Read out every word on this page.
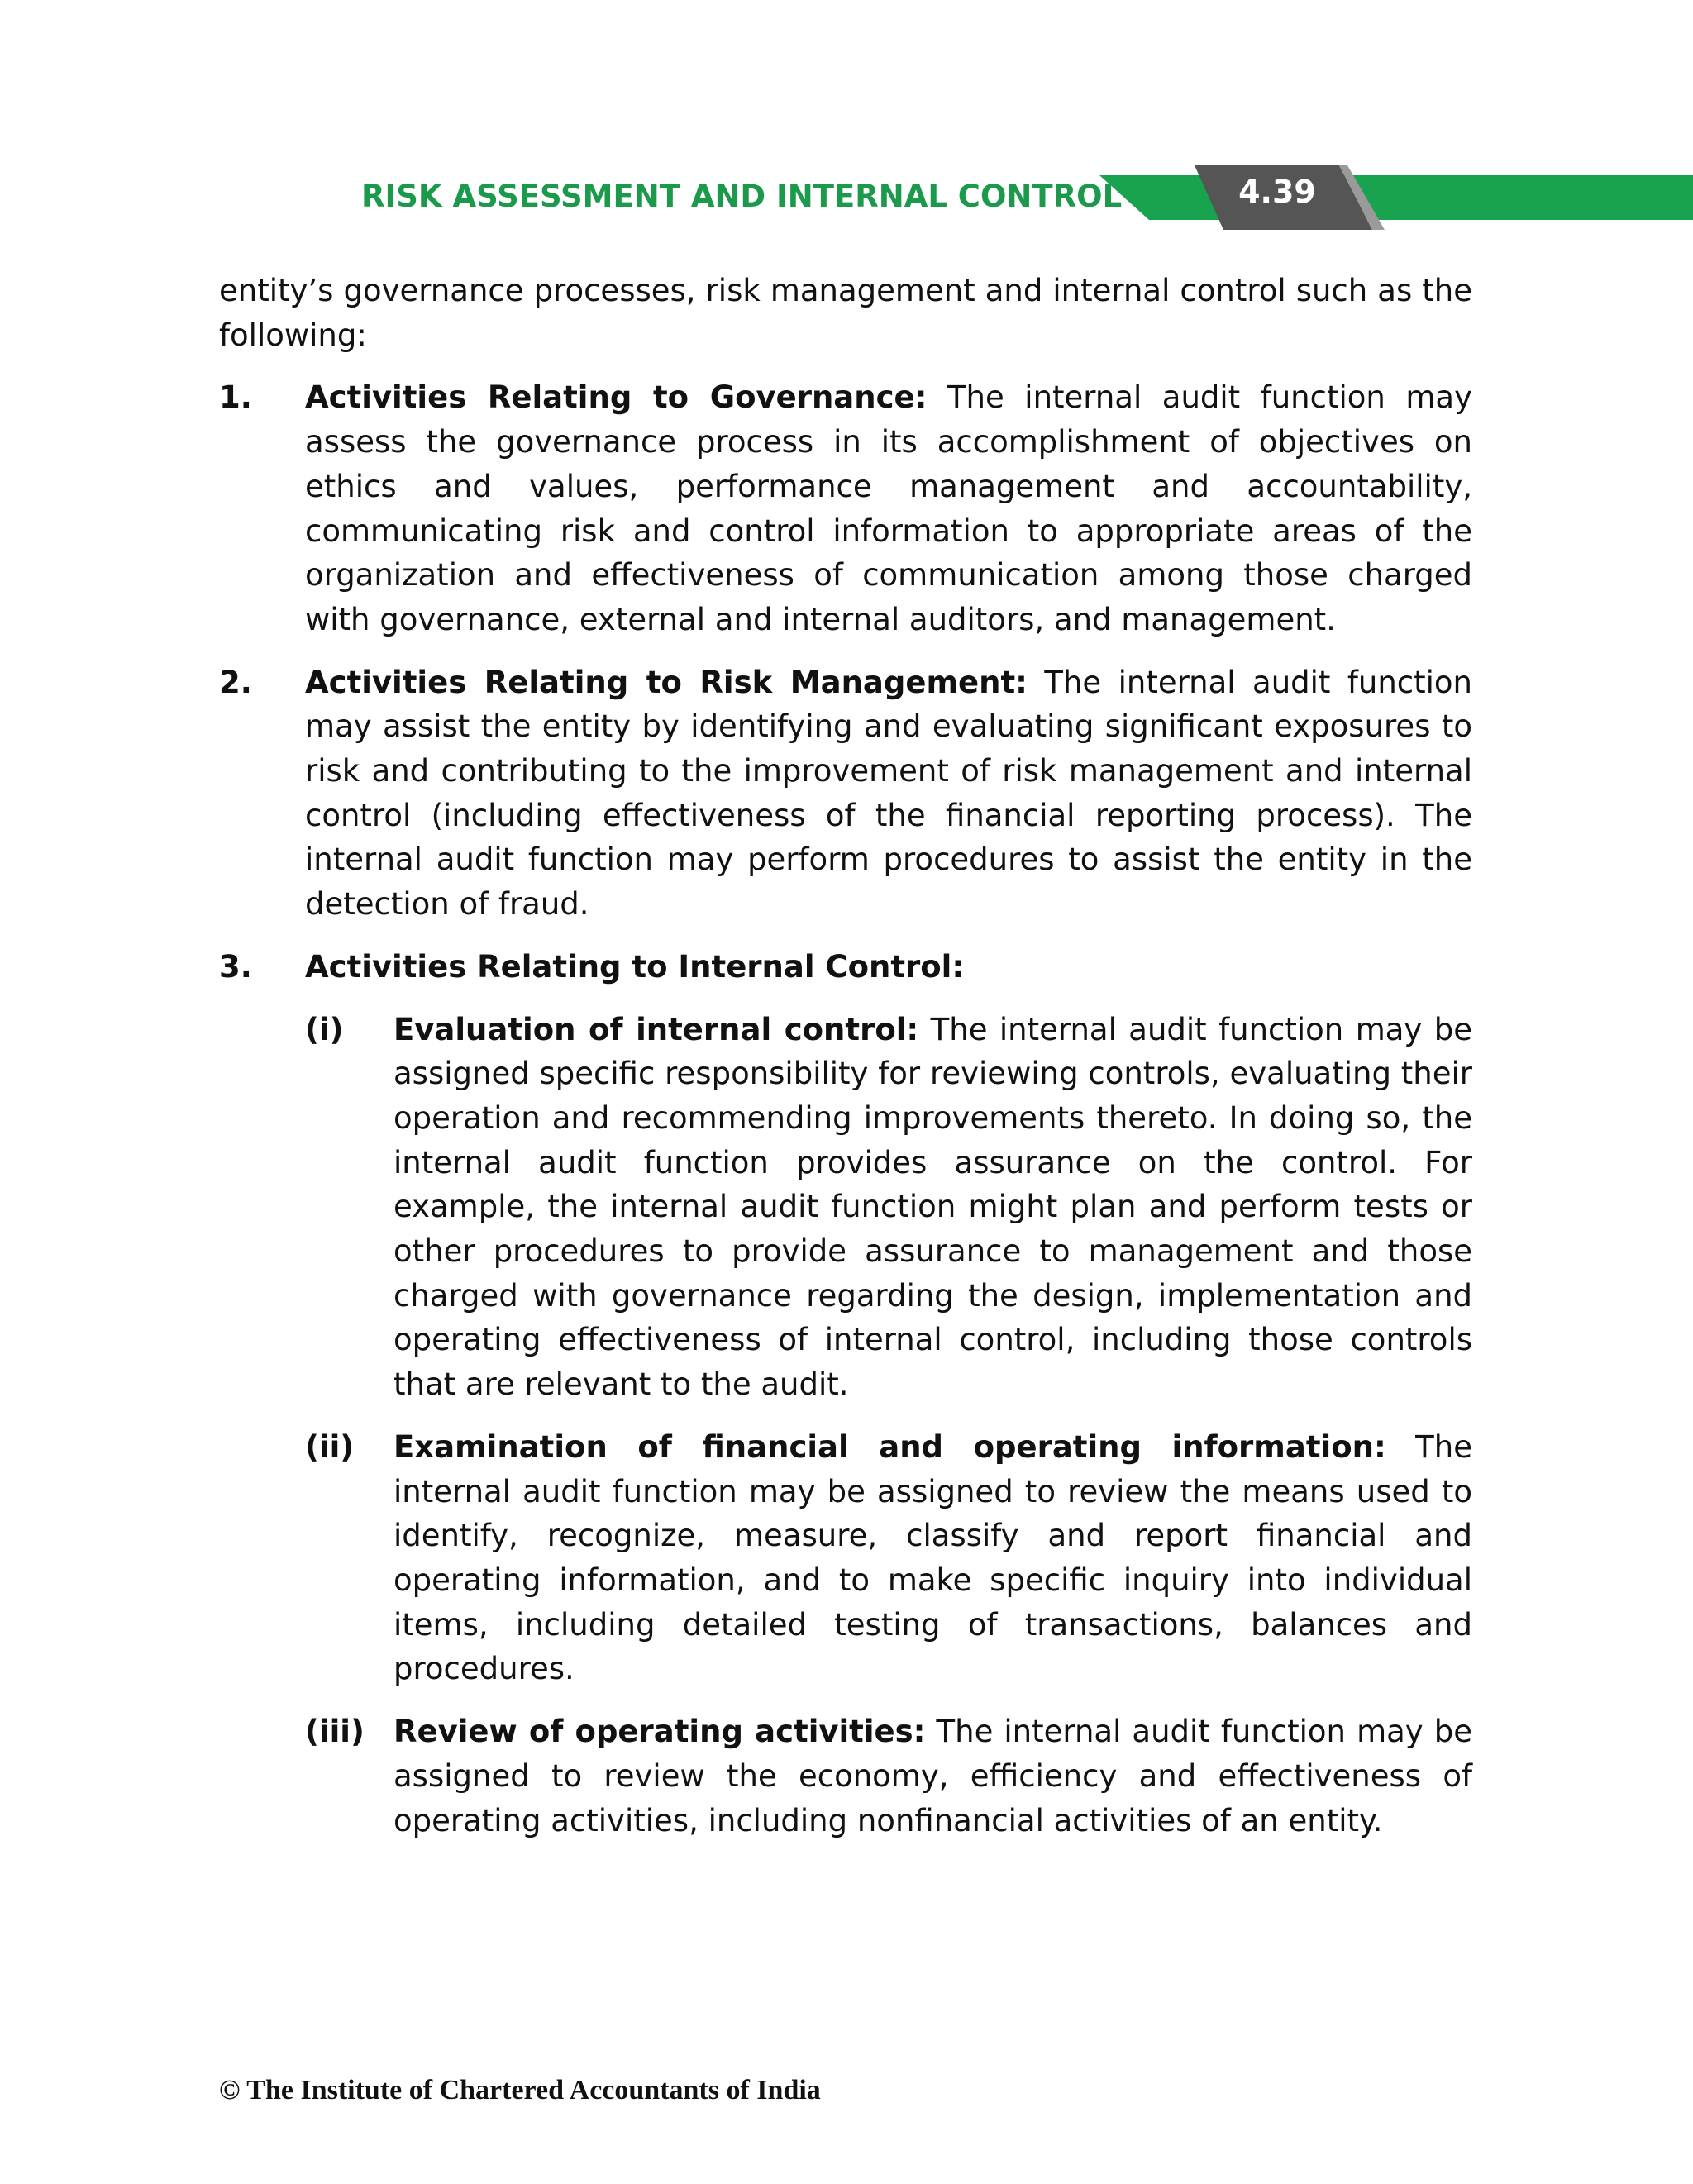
RISK ASSESSMENT AND INTERNAL CONTROL	4.39

entity’s governance processes, risk management and internal control such as the following:

1. Activities Relating to Governance: The internal audit function may assess the governance process in its accomplishment of objectives on ethics and values, performance management and accountability, communicating risk and control information to appropriate areas of the organization and effectiveness of communication among those charged with governance, external and internal auditors, and management.
2. Activities Relating to Risk Management: The internal audit function may assist the entity by identifying and evaluating significant exposures to risk and contributing to the improvement of risk management and internal control (including effectiveness of the financial reporting process). The internal audit function may perform procedures to assist the entity in the detection of fraud.
3. Activities Relating to Internal Control:
(i) Evaluation of internal control: The internal audit function may be assigned specific responsibility for reviewing controls, evaluating their operation and recommending improvements thereto. In doing so, the internal audit function provides assurance on the control. For example, the internal audit function might plan and perform tests or other procedures to provide assurance to management and those charged with governance regarding the design, implementation and operating effectiveness of internal control, including those controls that are relevant to the audit.
(ii) Examination of financial and operating information: The internal audit function may be assigned to review the means used to identify, recognize, measure, classify and report financial and operating information, and to make specific inquiry into individual items, including detailed testing of transactions, balances and procedures.
(iii) Review of operating activities: The internal audit function may be assigned to review the economy, efficiency and effectiveness of operating activities, including nonfinancial activities of an entity.
© The Institute of Chartered Accountants of India
